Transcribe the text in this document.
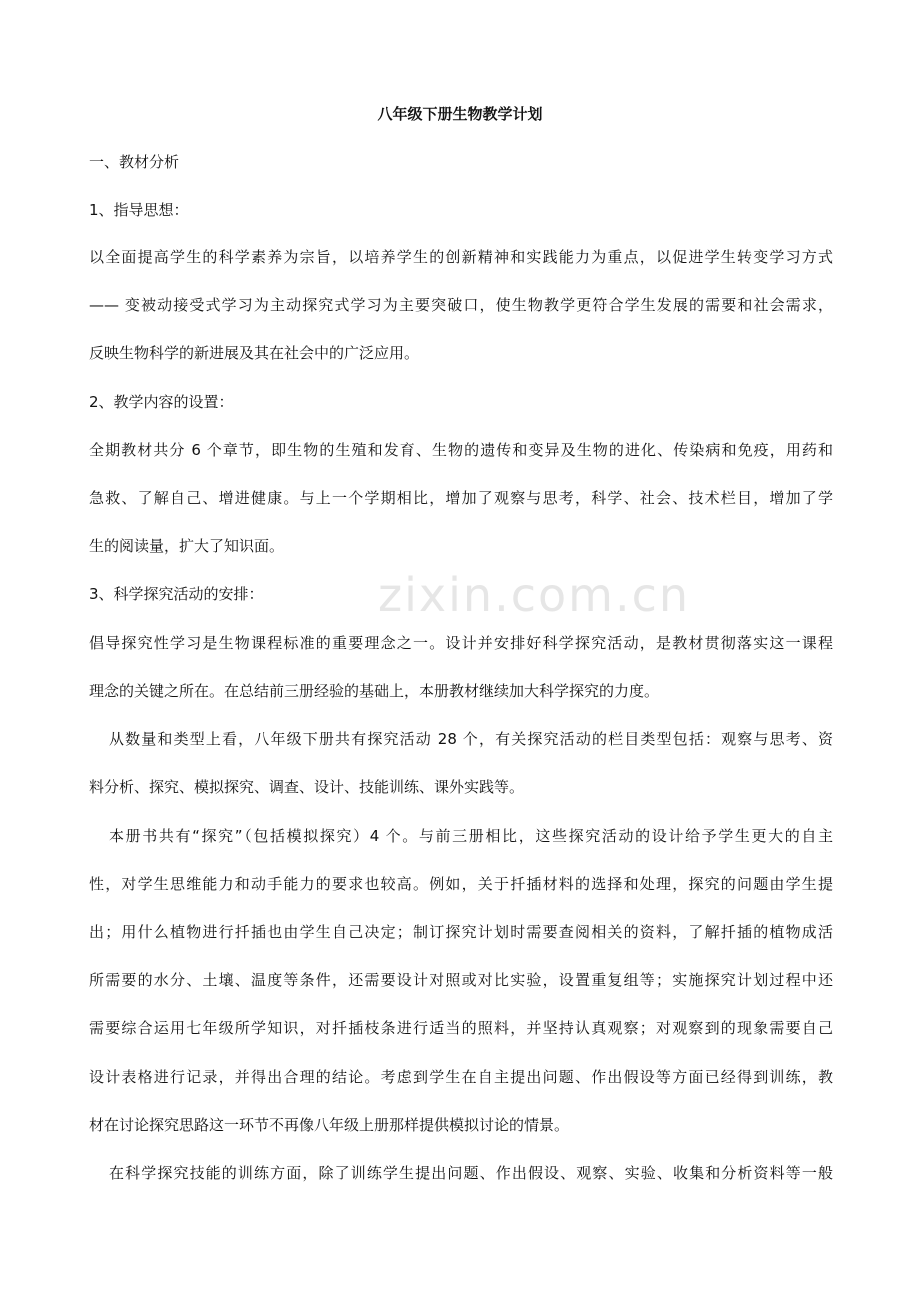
zixin.com.cn
八年级下册生物教学计划
一、教材分析
1、指导思想：
以全面提高学生的科学素养为宗旨，以培养学生的创新精神和实践能力为重点，以促进学生转变学习方式
—— 变被动接受式学习为主动探究式学习为主要突破口，使生物教学更符合学生发展的需要和社会需求，
反映生物科学的新进展及其在社会中的广泛应用。
2、教学内容的设置：
全期教材共分 6 个章节，即生物的生殖和发育、生物的遗传和变异及生物的进化、传染病和免疫，用药和
急救、了解自己、增进健康。与上一个学期相比，增加了观察与思考，科学、社会、技术栏目，增加了学
生的阅读量，扩大了知识面。
3、科学探究活动的安排：
倡导探究性学习是生物课程标准的重要理念之一。设计并安排好科学探究活动，是教材贯彻落实这一课程
理念的关键之所在。在总结前三册经验的基础上，本册教材继续加大科学探究的力度。
从数量和类型上看，八年级下册共有探究活动 28 个，有关探究活动的栏目类型包括：观察与思考、资
料分析、探究、模拟探究、调查、设计、技能训练、课外实践等。
本册书共有“探究”（包括模拟探究）4 个。与前三册相比，这些探究活动的设计给予学生更大的自主
性，对学生思维能力和动手能力的要求也较高。例如，关于扦插材料的选择和处理，探究的问题由学生提
出；用什么植物进行扦插也由学生自己决定；制订探究计划时需要查阅相关的资料，了解扦插的植物成活
所需要的水分、土壤、温度等条件，还需要设计对照或对比实验，设置重复组等；实施探究计划过程中还
需要综合运用七年级所学知识，对扦插枝条进行适当的照料，并坚持认真观察；对观察到的现象需要自己
设计表格进行记录，并得出合理的结论。考虑到学生在自主提出问题、作出假设等方面已经得到训练，教
材在讨论探究思路这一环节不再像八年级上册那样提供模拟讨论的情景。
在科学探究技能的训练方面，除了训练学生提出问题、作出假设、观察、实验、收集和分析资料等一般
